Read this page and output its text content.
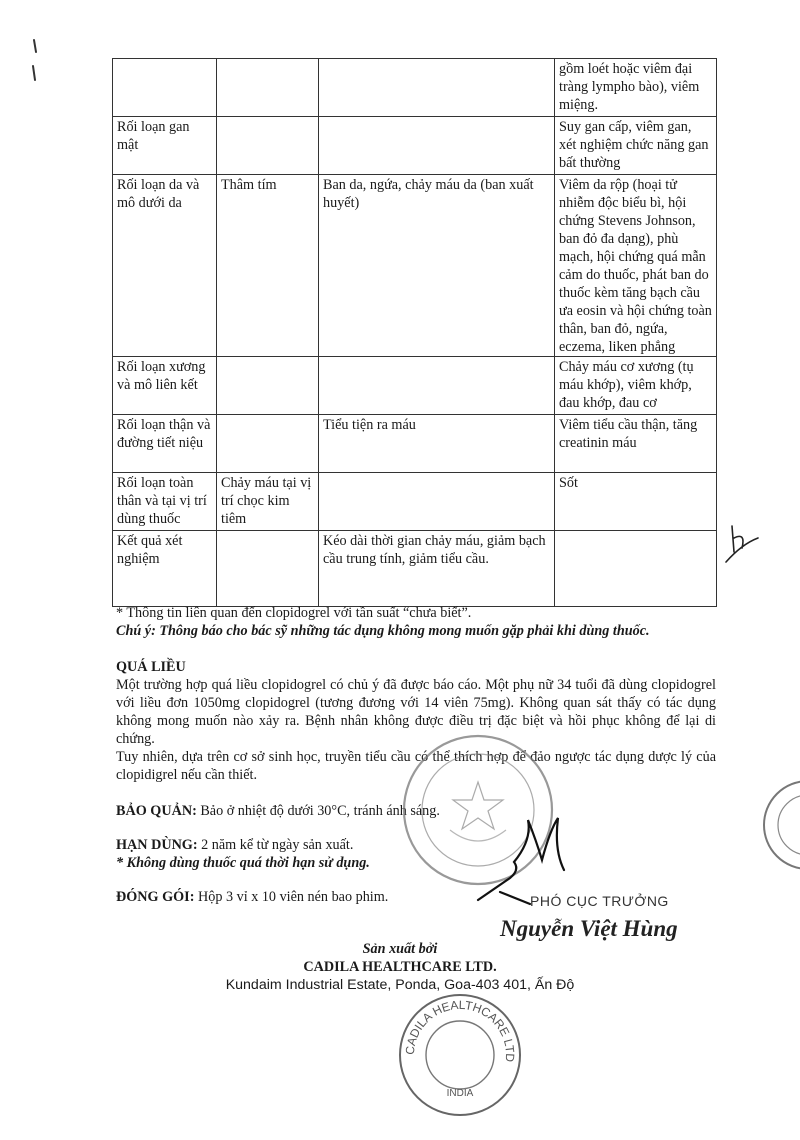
			gồm loét hoặc viêm đại tràng lympho bào), viêm miệng.
Rối loạn gan mật			Suy gan cấp, viêm gan, xét nghiệm chức năng gan bất thường
Rối loạn da và mô dưới da	Thâm tím	Ban da, ngứa, chảy máu da (ban xuất huyết)	Viêm da rộp (hoại tử nhiễm độc biểu bì, hội chứng Stevens Johnson, ban đỏ đa dạng), phù mạch, hội chứng quá mẫn cảm do thuốc, phát ban do thuốc kèm tăng bạch cầu ưa eosin và hội chứng toàn thân, ban đỏ, ngứa, eczema, liken phẳng
Rối loạn xương và mô liên kết			Chảy máu cơ xương (tụ máu khớp), viêm khớp, đau khớp, đau cơ
Rối loạn thận và đường tiết niệu		Tiểu tiện ra máu	Viêm tiểu cầu thận, tăng creatinin máu
Rối loạn toàn thân và tại vị trí dùng thuốc	Chảy máu tại vị trí chọc kim tiêm		Sốt
Kết quả xét nghiệm		Kéo dài thời gian chảy máu, giảm bạch cầu trung tính, giảm tiểu cầu.	

* Thông tin liên quan đến clopidogrel với tần suất “chưa biết”.

Chú ý: Thông báo cho bác sỹ những tác dụng không mong muốn gặp phải khi dùng thuốc.

QUÁ LIỀU

Một trường hợp quá liều clopidogrel có chủ ý đã được báo cáo. Một phụ nữ 34 tuổi đã dùng clopidogrel với liều đơn 1050mg clopidogrel (tương đương với 14 viên 75mg). Không quan sát thấy có tác dụng không mong muốn nào xảy ra. Bệnh nhân không được điều trị đặc biệt và hồi phục không để lại di chứng.

Tuy nhiên, dựa trên cơ sở sinh học, truyền tiểu cầu có thể thích hợp để đảo ngược tác dụng dược lý của clopidigrel nếu cần thiết.

BẢO QUẢN: Bảo ở nhiệt độ dưới 30°C, tránh ánh sáng.

HẠN DÙNG: 2 năm kể từ ngày sản xuất.

* Không dùng thuốc quá thời hạn sử dụng.

ĐÓNG GÓI: Hộp 3 vỉ x 10 viên nén bao phim.	PHÓ CỤC TRƯỞNG
Nguyễn Việt Hùng
Sản xuất bởi
CADILA HEALTHCARE LTD.
Kundaim Industrial Estate, Ponda, Goa-403 401, Ấn Độ
CADILA HEALTHCARE LTD
INDIA
